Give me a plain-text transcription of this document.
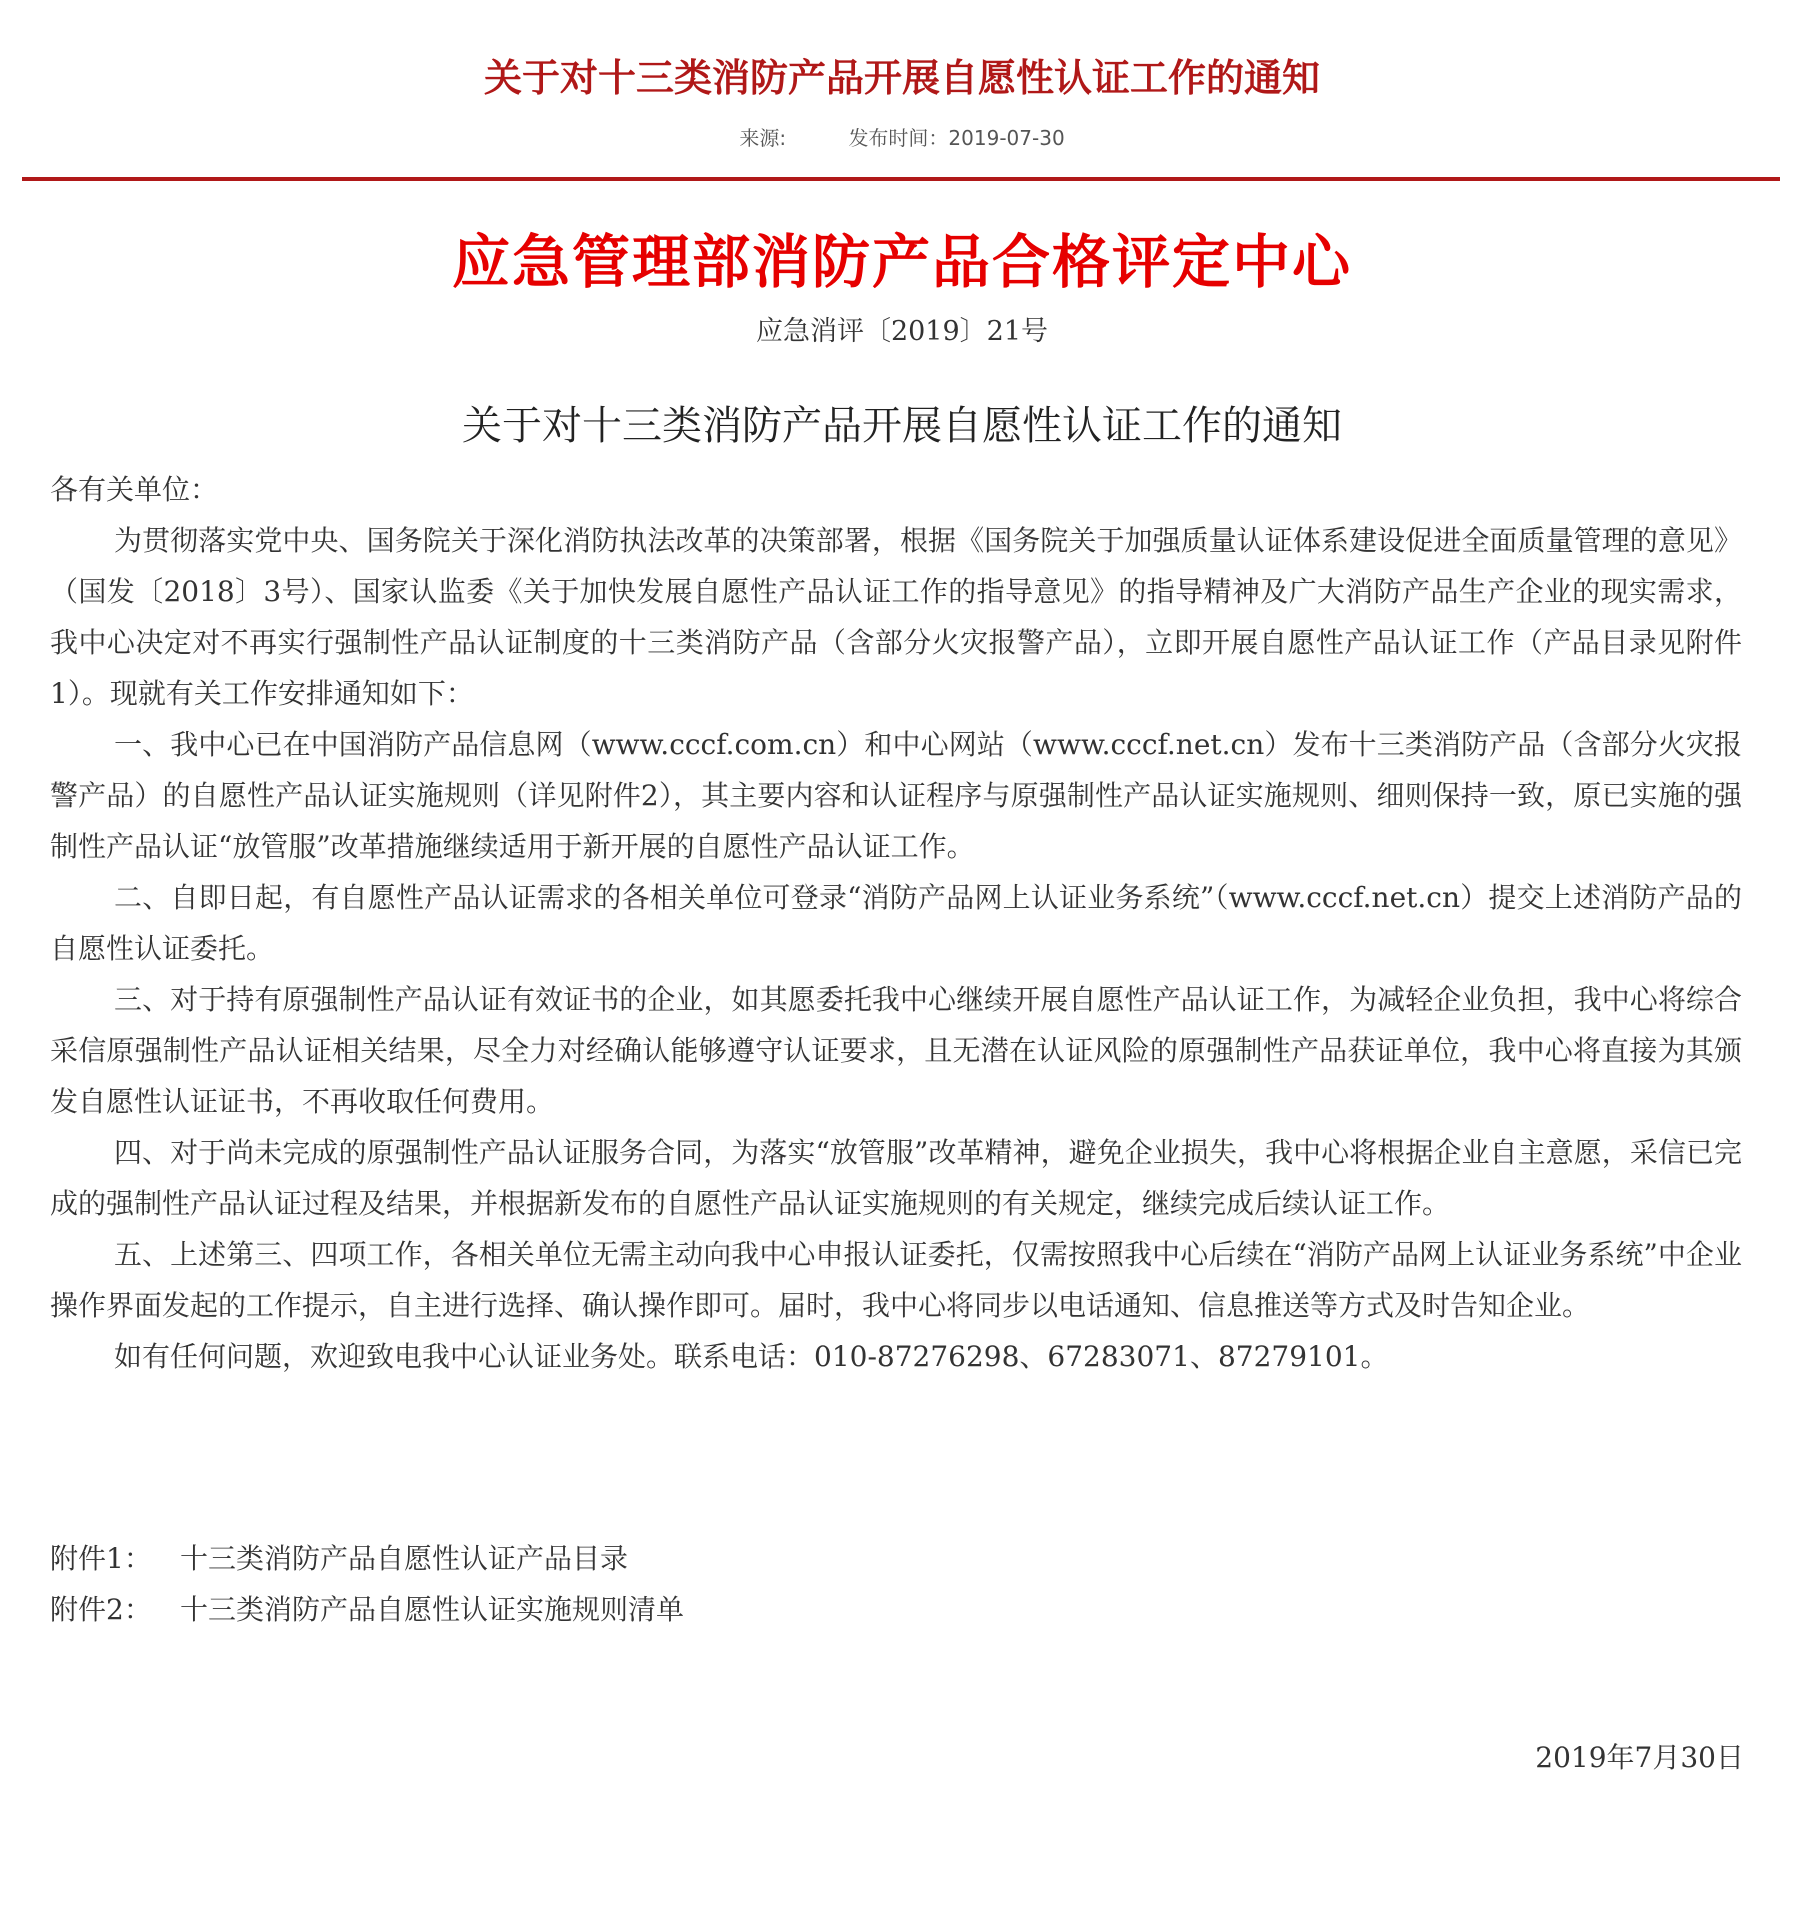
关于对十三类消防产品开展自愿性认证工作的通知
来源:	发布时间：2019-07-30
应急管理部消防产品合格评定中心
应急消评〔2019〕21号
关于对十三类消防产品开展自愿性认证工作的通知

各有关单位：

为贯彻落实党中央、国务院关于深化消防执法改革的决策部署，根据《国务院关于加强质量认证体系建设促进全面质量管理的意见》（国发〔2018〕3号）、国家认监委《关于加快发展自愿性产品认证工作的指导意见》的指导精神及广大消防产品生产企业的现实需求，我中心决定对不再实行强制性产品认证制度的十三类消防产品（含部分火灾报警产品），立即开展自愿性产品认证工作（产品目录见附件1）。现就有关工作安排通知如下：

一、我中心已在中国消防产品信息网（www.cccf.com.cn）和中心网站（www.cccf.net.cn）发布十三类消防产品（含部分火灾报警产品）的自愿性产品认证实施规则（详见附件2），其主要内容和认证程序与原强制性产品认证实施规则、细则保持一致，原已实施的强制性产品认证“放管服”改革措施继续适用于新开展的自愿性产品认证工作。

二、自即日起，有自愿性产品认证需求的各相关单位可登录“消防产品网上认证业务系统”（www.cccf.net.cn）提交上述消防产品的自愿性认证委托。

三、对于持有原强制性产品认证有效证书的企业，如其愿委托我中心继续开展自愿性产品认证工作，为减轻企业负担，我中心将综合采信原强制性产品认证相关结果，尽全力对经确认能够遵守认证要求，且无潜在认证风险的原强制性产品获证单位，我中心将直接为其颁发自愿性认证证书，不再收取任何费用。

四、对于尚未完成的原强制性产品认证服务合同，为落实“放管服”改革精神，避免企业损失，我中心将根据企业自主意愿，采信已完成的强制性产品认证过程及结果，并根据新发布的自愿性产品认证实施规则的有关规定，继续完成后续认证工作。

五、上述第三、四项工作，各相关单位无需主动向我中心申报认证委托，仅需按照我中心后续在“消防产品网上认证业务系统”中企业操作界面发起的工作提示，自主进行选择、确认操作即可。届时，我中心将同步以电话通知、信息推送等方式及时告知企业。

如有任何问题，欢迎致电我中心认证业务处。联系电话：010-87276298、67283071、87279101。

附件1： 十三类消防产品自愿性认证产品目录
附件2： 十三类消防产品自愿性认证实施规则清单
2019年7月30日
